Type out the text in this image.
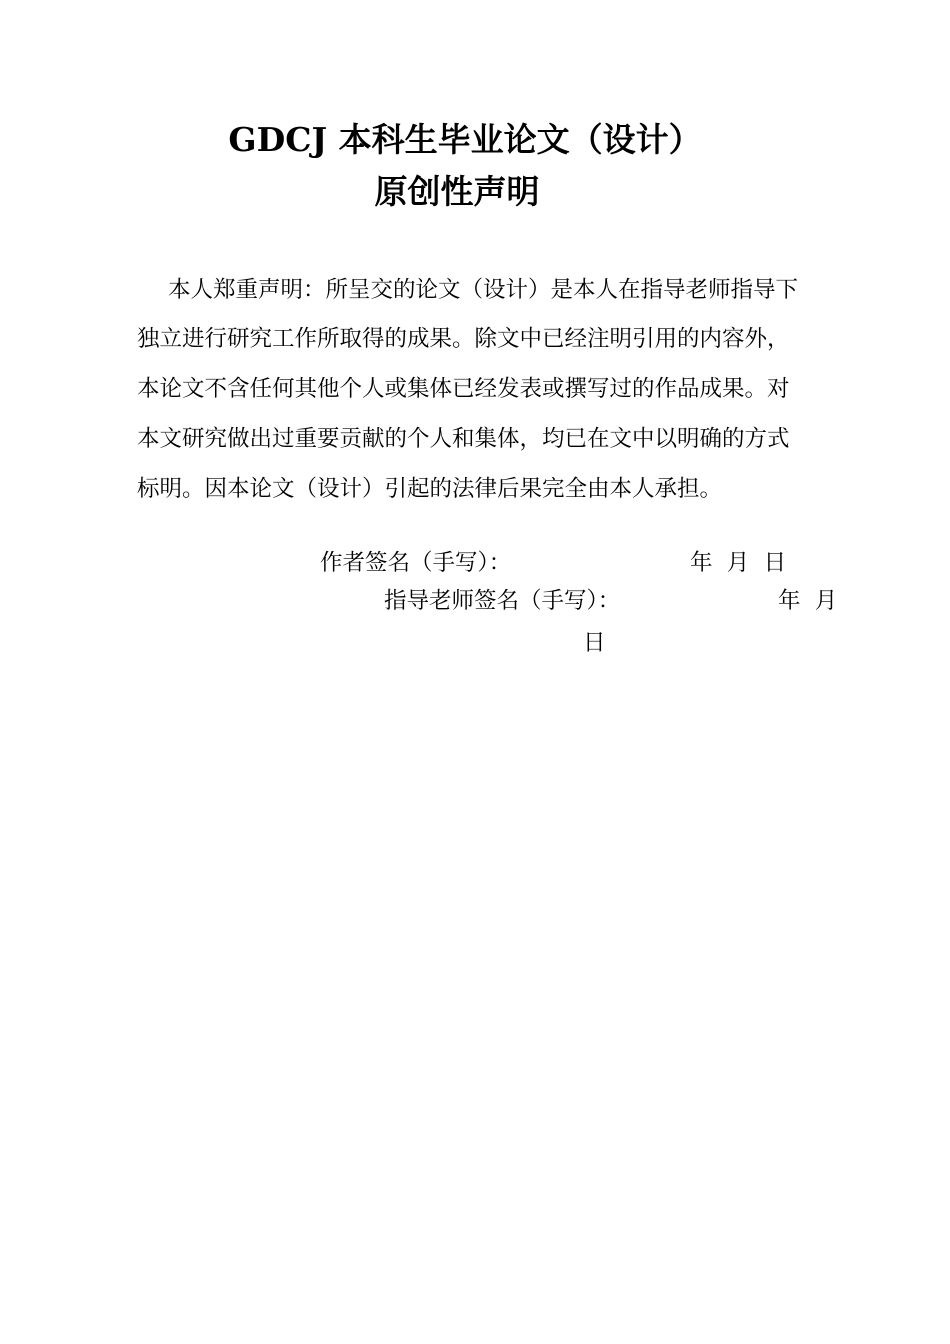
GDCJ 本科生毕业论文（设计）
原创性声明
本人郑重声明：所呈交的论文（设计）是本人在指导老师指导下
独立进行研究工作所取得的成果。除文中已经注明引用的内容外，
本论文不含任何其他个人或集体已经发表或撰写过的作品成果。对
本文研究做出过重要贡献的个人和集体，均已在文中以明确的方式
标明。因本论文（设计）引起的法律后果完全由本人承担。
作者签名（手写）：	年  月  日
指导老师签名（手写）：	年  月
日
